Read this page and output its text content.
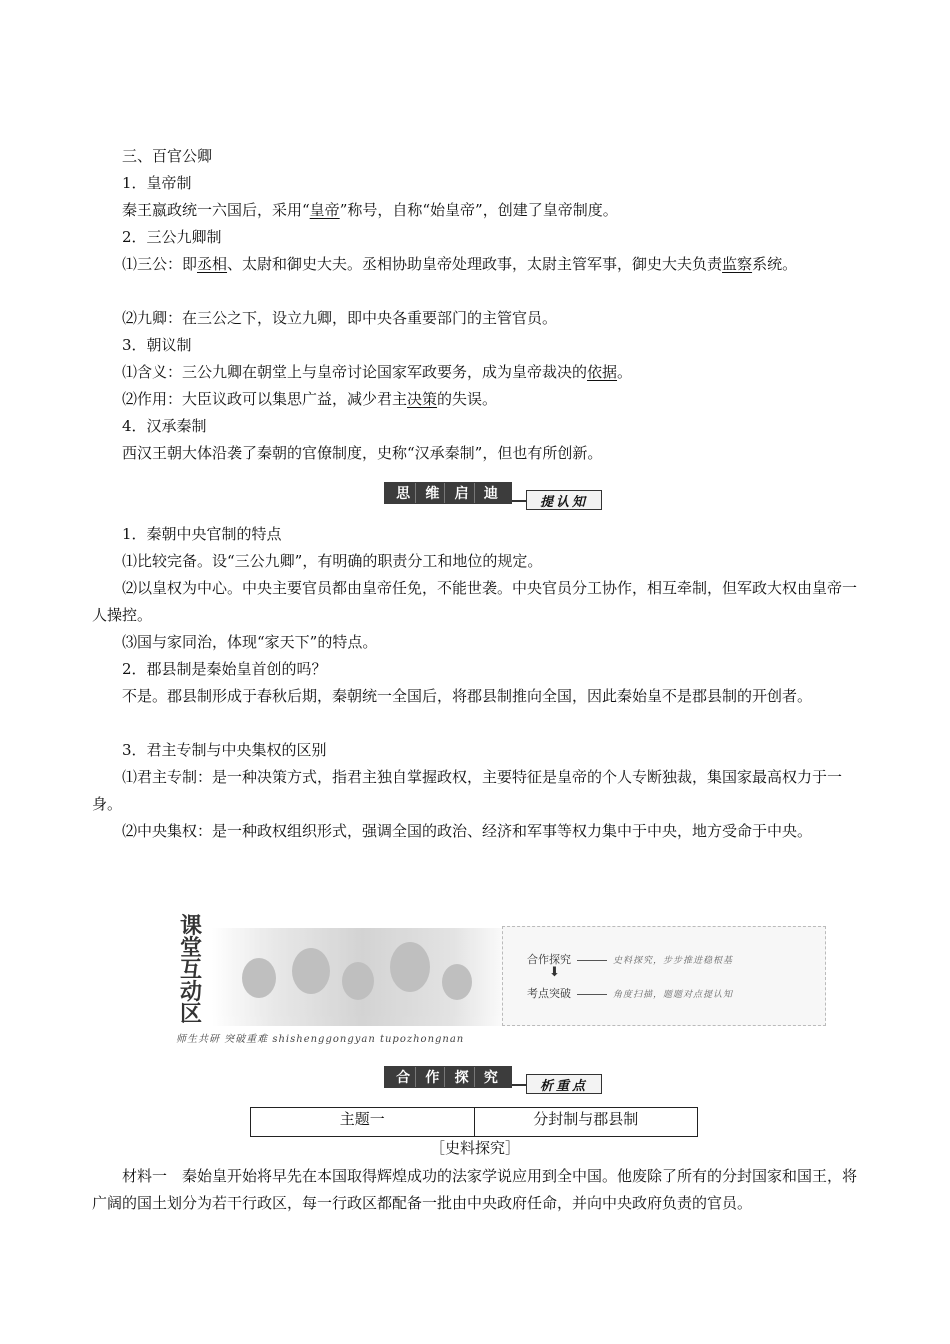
三、百官公卿

1．皇帝制

秦王嬴政统一六国后，采用“皇帝”称号，自称“始皇帝”，创建了皇帝制度。

2．三公九卿制

⑴三公：即丞相、太尉和御史大夫。丞相协助皇帝处理政事，太尉主管军事，御史大夫负责监察系统。

⑵九卿：在三公之下，设立九卿，即中央各重要部门的主管官员。

3．朝议制

⑴含义：三公九卿在朝堂上与皇帝讨论国家军政要务，成为皇帝裁决的依据。

⑵作用：大臣议政可以集思广益，减少君主决策的失误。

4．汉承秦制

西汉王朝大体沿袭了秦朝的官僚制度，史称“汉承秦制”，但也有所创新。

思 维 启 迪	提认知

1．秦朝中央官制的特点

⑴比较完备。设“三公九卿”，有明确的职责分工和地位的规定。

⑵以皇权为中心。中央主要官员都由皇帝任免，不能世袭。中央官员分工协作，相互牵制，但军政大权由皇帝一人操控。

⑶国与家同治，体现“家天下”的特点。

2．郡县制是秦始皇首创的吗？

不是。郡县制形成于春秋后期，秦朝统一全国后，将郡县制推向全国，因此秦始皇不是郡县制的开创者。

3．君主专制与中央集权的区别

⑴君主专制：是一种决策方式，指君主独自掌握政权，主要特征是皇帝的个人专断独裁，集国家最高权力于一身。

⑵中央集权：是一种政权组织形式，强调全国的政治、经济和军事等权力集中于中央，地方受命于中央。

课
堂
互
动
区
师生共研 突破重难 shishenggongyan tupozhongnan
合作探究	史料探究，步步推进稳根基
⬇
考点突破	角度扫描，题题对点提认知
合 作 探 究	析重点
主题一	分封制与郡县制
［史料探究］

材料一　秦始皇开始将早先在本国取得辉煌成功的法家学说应用到全中国。他废除了所有的分封国家和国王，将广阔的国土划分为若干行政区，每一行政区都配备一批由中央政府任命，并向中央政府负责的官员。
